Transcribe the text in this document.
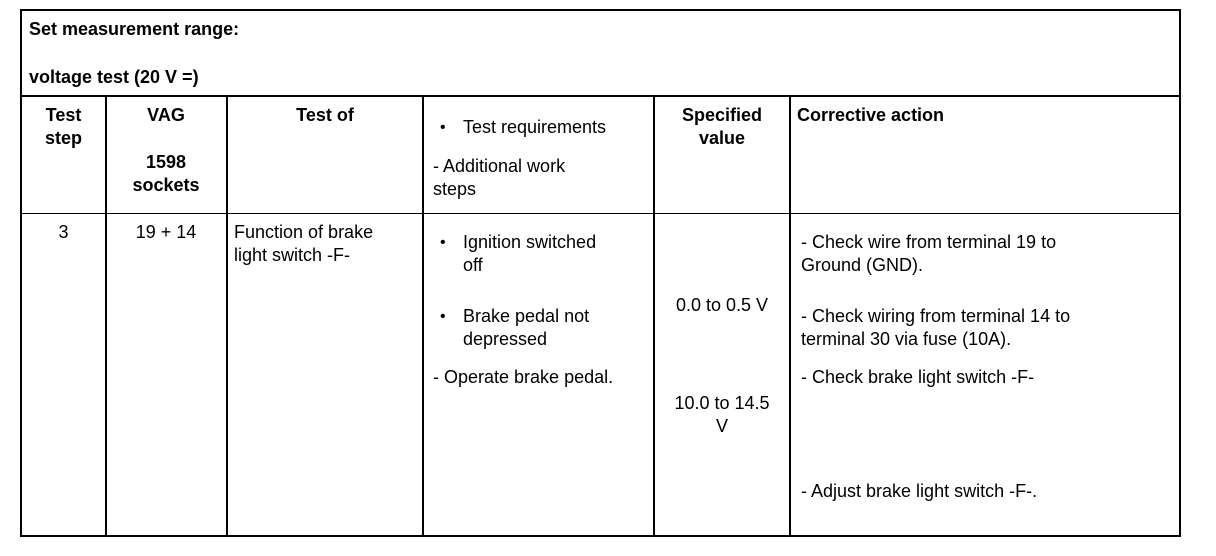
Set measurement range:
voltage test (20 V =)
Test
step
VAG
1598
sockets
Test of
• Test requirements
- Additional work
steps
Specified
value
Corrective action
3	19 + 14	Function of brake
light switch -F-
• Ignition switched
off
• Brake pedal not
depressed
- Operate brake pedal.
0.0 to 0.5 V
10.0 to 14.5
V
- Check wire from terminal 19 to
Ground (GND).
- Check wiring from terminal 14 to
terminal 30 via fuse (10A).
- Check brake light switch -F-
- Adjust brake light switch -F-.
